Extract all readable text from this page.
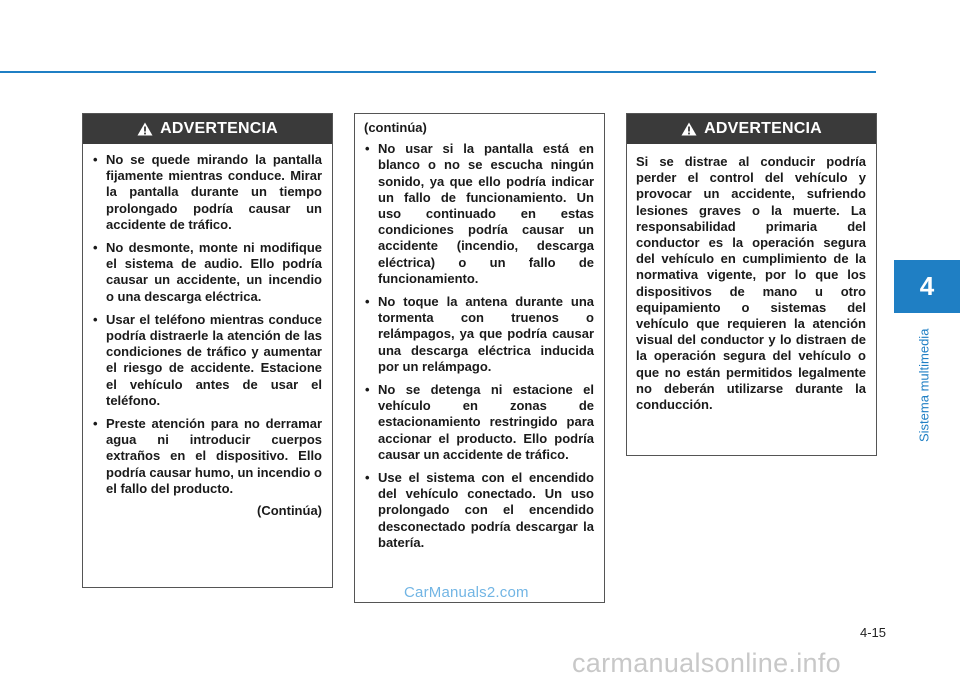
4
Sistema multimedia
ADVERTENCIA
• No se quede mirando la pantalla fijamente mientras conduce. Mirar la pantalla durante un tiempo prolongado podría causar un accidente de tráfico.
• No desmonte, monte ni modifique el sistema de audio. Ello podría causar un accidente, un incendio o una descarga eléctrica.
• Usar el teléfono mientras conduce podría distraerle la atención de las condiciones de tráfico y aumentar el riesgo de accidente. Estacione el vehículo antes de usar el teléfono.
• Preste atención para no derramar agua ni introducir cuerpos extraños en el dispositivo. Ello podría causar humo, un incendio o el fallo del producto.
(Continúa)
(continúa)
• No usar si la pantalla está en blanco o no se escucha ningún sonido, ya que ello podría indicar un fallo de funcionamiento. Un uso continuado en estas condiciones podría causar un accidente (incendio, descarga eléctrica) o un fallo de funcionamiento.
• No toque la antena durante una tormenta con truenos o relámpagos, ya que podría causar una descarga eléctrica inducida por un relámpago.
• No se detenga ni estacione el vehículo en zonas de estacionamiento restringido para accionar el producto. Ello podría causar un accidente de tráfico.
• Use el sistema con el encendido del vehículo conectado. Un uso prolongado con el encendido desconectado podría descargar la batería.
ADVERTENCIA
Si se distrae al conducir podría perder el control del vehículo y provocar un accidente, sufriendo lesiones graves o la muerte. La responsabilidad primaria del conductor es la operación segura del vehículo en cumplimiento de la normativa vigente, por lo que los dispositivos de mano u otro equipamiento o sistemas del vehículo que requieren la atención visual del conductor y lo distraen de la operación segura del vehículo o que no están permitidos legalmente no deberán utilizarse durante la conducción.
4-15
CarManuals2.com
carmanualsonline.info
